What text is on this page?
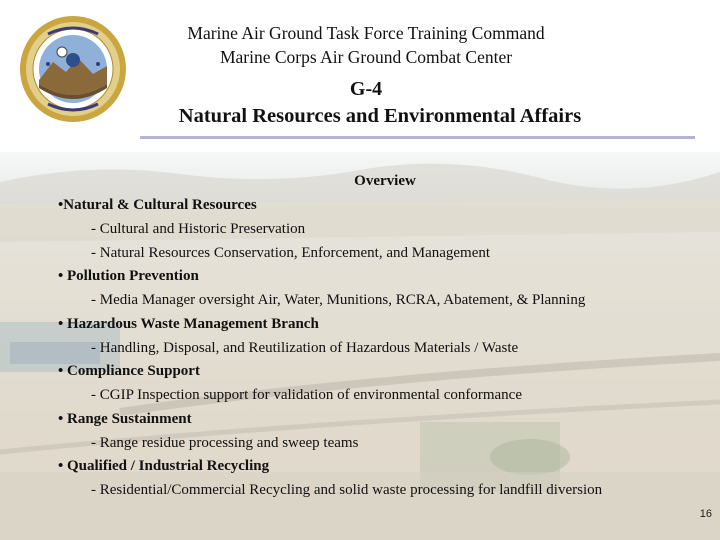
Marine Air Ground Task Force Training Command
Marine Corps Air Ground Combat Center
G-4
Natural Resources and Environmental Affairs
Overview
•Natural & Cultural Resources
- Cultural and Historic Preservation
- Natural Resources Conservation, Enforcement, and Management
• Pollution Prevention
- Media Manager oversight Air, Water, Munitions, RCRA, Abatement, & Planning
• Hazardous Waste Management Branch
- Handling, Disposal, and Reutilization of Hazardous Materials / Waste
• Compliance Support
- CGIP Inspection support for validation of environmental conformance
• Range Sustainment
- Range residue processing and sweep teams
• Qualified / Industrial Recycling
- Residential/Commercial Recycling and solid waste processing for landfill diversion
16
